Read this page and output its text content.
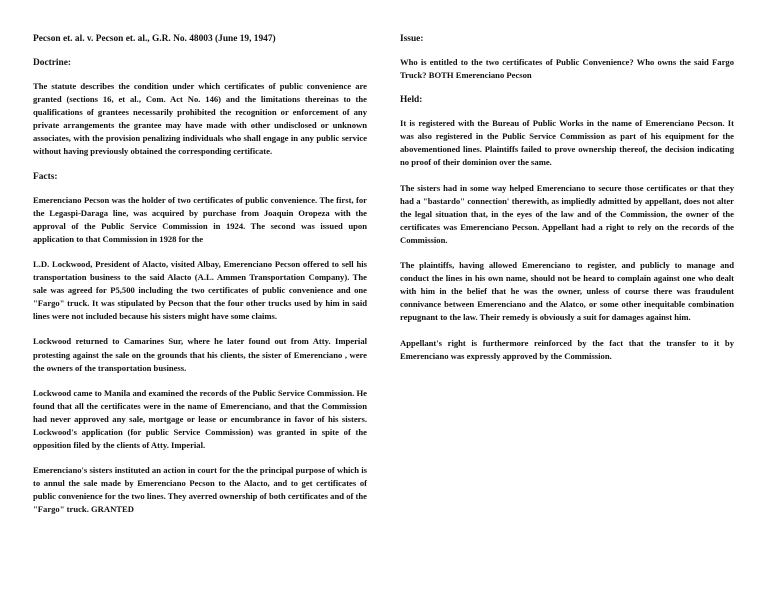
Pecson et. al. v. Pecson et. al., G.R. No. 48003 (June 19, 1947)

Doctrine:

The statute describes the condition under which certificates of public convenience are granted (sections 16, et al., Com. Act No. 146) and the limitations thereinas to the qualifications of grantees necessarily prohibited the recognition or enforcement of any private arrangements the grantee may have made with other undisclosed or unknown associates, with the provision penalizing individuals who shall engage in any public service without having previously obtained the corresponding certificate.

Facts:

Emerenciano Pecson was the holder of two certificates of public convenience. The first, for the Legaspi-Daraga line, was acquired by purchase from Joaquin Oropeza with the approval of the Public Service Commission in 1924. The second was issued upon application to that Commission in 1928 for the

L.D. Lockwood, President of Alacto, visited Albay, Emerenciano Pecson offered to sell his transportation business to the said Alacto (A.L. Ammen Transportation Company). The sale was agreed for P5,500 including the two certificates of public convenience and one "Fargo" truck. It was stipulated by Pecson that the four other trucks used by him in said lines were not included because his sisters might have some claims.

Lockwood returned to Camarines Sur, where he later found out from Atty. Imperial protesting against the sale on the grounds that his clients, the sister of Emerenciano , were the owners of the transportation business.

Lockwood came to Manila and examined the records of the Public Service Commission. He found that all the certificates were in the name of Emerenciano, and that the Commission had never approved any sale, mortgage or lease or encumbrance in favor of his sisters. Lockwood's application (for public Service Commission) was granted in spite of the opposition filed by the clients of Atty. Imperial.

Emerenciano's sisters instituted an action in court for the the principal purpose of which is to annul the sale made by Emerenciano Pecson to the Alacto, and to get certificates of public convenience for the two lines. They averred ownership of both certificates and of the "Fargo" truck. GRANTED

Issue:

Who is entitled to the two certificates of Public Convenience? Who owns the said Fargo Truck? BOTH Emerenciano Pecson

Held:

It is registered with the Bureau of Public Works in the name of Emerenciano Pecson. It was also registered in the Public Service Commission as part of his equipment for the abovementioned lines. Plaintiffs failed to prove ownership thereof, the decision indicating no proof of their dominion over the same.

The sisters had in some way helped Emerenciano to secure those certificates or that they had a "bastardo" connection' therewith, as impliedly admitted by appellant, does not alter the legal situation that, in the eyes of the law and of the Commission, the owner of the certificates was Emerenciano Pecson. Appellant had a right to rely on the records of the Commission.

The plaintiffs, having allowed Emerenciano to register, and publicly to manage and conduct the lines in his own name, should not be heard to complain against one who dealt with him in the belief that he was the owner, unless of course there was fraudulent connivance between Emerenciano and the Alatco, or some other inequitable combination repugnant to the law. Their remedy is obviously a suit for damages against him.

Appellant's right is furthermore reinforced by the fact that the transfer to it by Emerenciano was expressly approved by the Commission.
